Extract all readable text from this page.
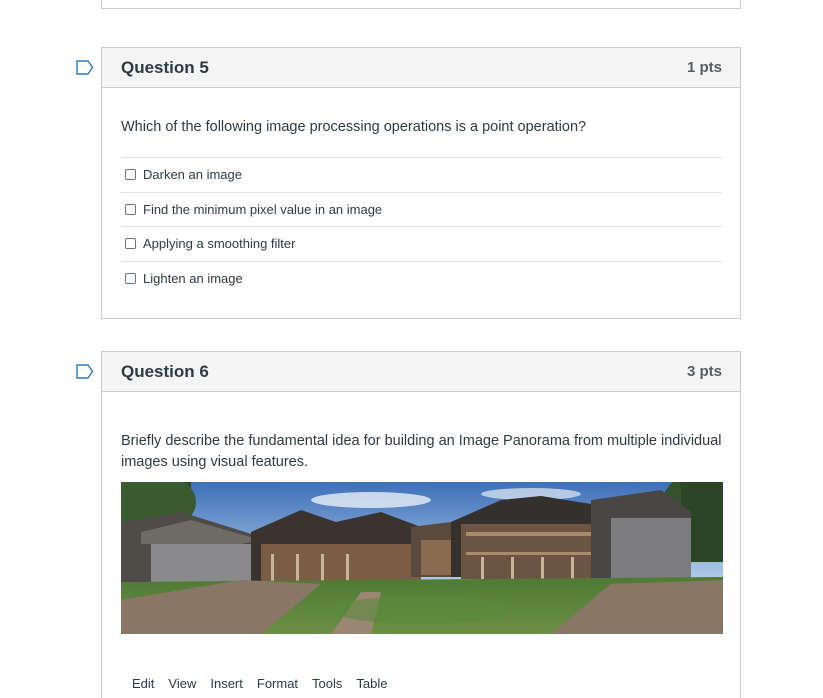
Question 5	1 pts
Which of the following image processing operations is a point operation?
Darken an image
Find the minimum pixel value in an image
Applying a smoothing filter
Lighten an image
Question 6	3 pts
Briefly describe the fundamental idea for building an Image Panorama from multiple individual images using visual features.
Edit View Insert Format Tools Table
